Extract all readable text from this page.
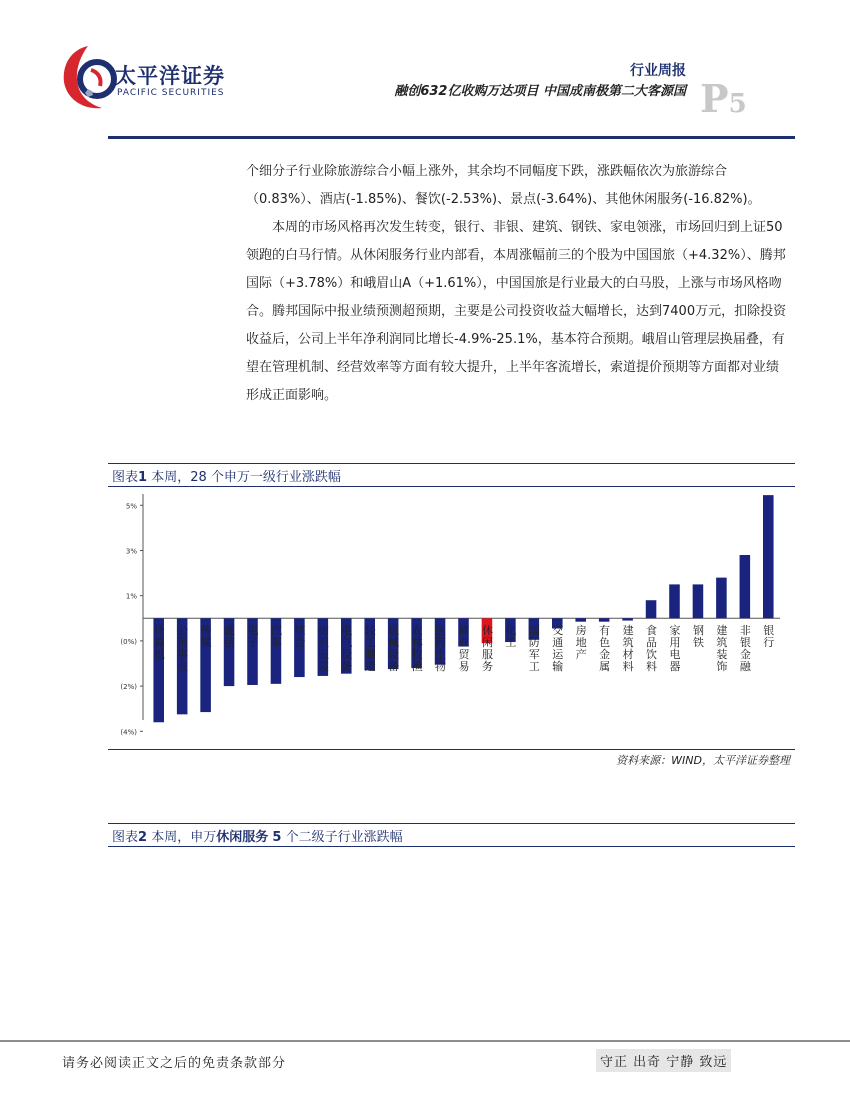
太平洋证券
PACIFIC SECURITIES
行业周报
融创632亿收购万达项目 中国成南极第二大客源国 P5
个细分子行业除旅游综合小幅上涨外，其余均不同幅度下跌，涨跌幅依次为旅游综合（0.83%）、酒店(-1.85%)、餐饮(-2.53%)、景点(-3.64%)、其他休闲服务(-16.82%)。
本周的市场风格再次发生转变，银行、非银、建筑、钢铁、家电领涨，市场回归到上证50领跑的白马行情。从休闲服务行业内部看，本周涨幅前三的个股为中国国旅（+4.32%）、腾邦国际（+3.78%）和峨眉山A（+1.61%），中国国旅是行业最大的白马股，上涨与市场风格吻合。腾邦国际中报业绩预测超预期，主要是公司投资收益大幅增长，达到7400万元，扣除投资收益后，公司上半年净利润同比增长-4.9%-25.1%，基本符合预期。峨眉山管理层换届叠，有望在管理机制、经营效率等方面有较大提升，上半年客流增长，索道提价预期等方面都对业绩形成正面影响。
图表1 本周，28 个申万一级行业涨跌幅
5%
3%
1%
(0%)
(2%)
(4%)
计算机 公用事业 传媒 通信 电子 汽车 综合 纺织服装 电气设备 轻工制造 机械设备 农林牧渔 医药生物 商业贸易 休闲服务 化工 国防军工 交通运输 房地产 有色金属 建筑材料 食品饮料 家用电器 钢铁 建筑装饰 非银金融 银行
资料来源：WIND，太平洋证券整理
图表2 本周，申万休闲服务 5 个二级子行业涨跌幅
请务必阅读正文之后的免责条款部分	守正 出奇 宁静 致远
